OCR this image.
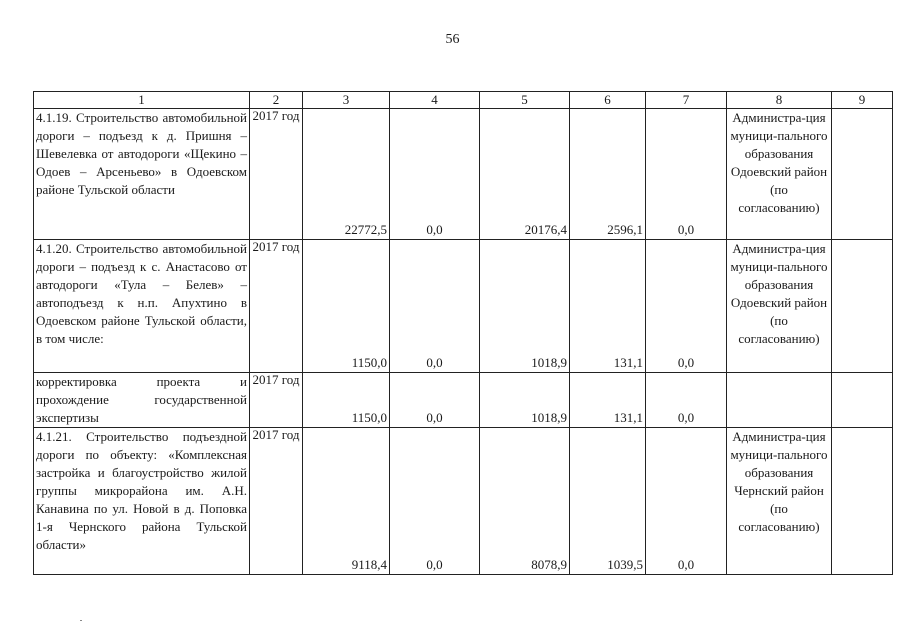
56
1	2	3	4	5	6	7	8	9
4.1.19. Строительство автомобильной дороги – подъезд к д. Пришня – Шевелевка от автодороги «Щекино – Одоев – Арсеньево» в Одоевском районе Тульской области	2017 год	22772,5	0,0	20176,4	2596,1	0,0	Администра-ция муници-пального образования Одоевский район (по согласованию)	
4.1.20. Строительство автомобильной дороги – подъезд к с. Анастасово от автодороги «Тула – Белев» – автоподъезд к н.п. Апухтино в Одоевском районе Тульской области, в том числе:	2017 год	1150,0	0,0	1018,9	131,1	0,0	Администра-ция муници-пального образования Одоевский район (по согласованию)	
корректировка проекта и прохождение государственной экспертизы	2017 год	1150,0	0,0	1018,9	131,1	0,0		
4.1.21. Строительство подъездной дороги по объекту: «Комплексная застройка и благоустройство жилой группы микрорайона им. А.Н. Канавина по ул. Новой в д. Поповка 1-я Чернского района Тульской области»	2017 год	9118,4	0,0	8078,9	1039,5	0,0	Администра-ция муници-пального образования Чернский район (по согласованию)	
